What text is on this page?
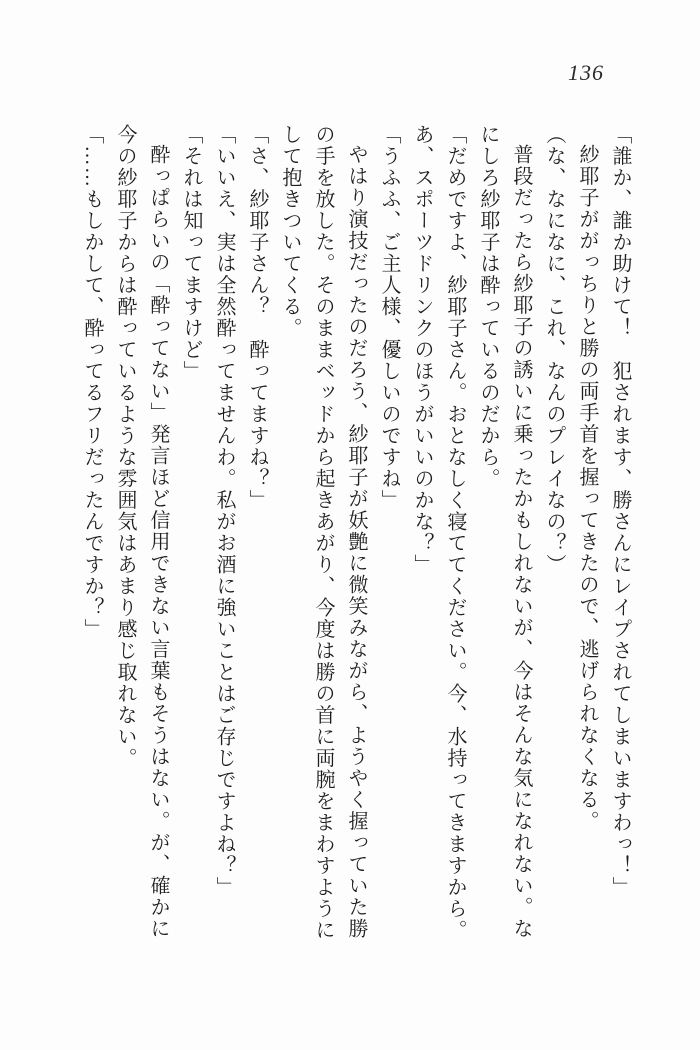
136

「誰か、誰か助けて！　犯されます、勝さんにレイプされてしまいますわっ！」

紗耶子ががっちりと勝の両手首を握ってきたので、逃げられなくなる。

（な、なになに、これ、なんのプレイなの？）

普段だったら紗耶子の誘いに乗ったかもしれないが、今はそんな気になれない。なにしろ紗耶子は酔っているのだから。

「だめですよ、紗耶子さん。おとなしく寝ててください。今、水持ってきますから。あ、スポーツドリンクのほうがいいのかな？」

「うふふ、ご主人様、優しいのですね」

やはり演技だったのだろう、紗耶子が妖艶に微笑みながら、ようやく握っていた勝の手を放した。そのままベッドから起きあがり、今度は勝の首に両腕をまわすようにして抱きついてくる。

「さ、紗耶子さん？　酔ってますね？」

「いいえ、実は全然酔ってませんわ。私がお酒に強いことはご存じですよね？」

「それは知ってますけど」

酔っぱらいの「酔ってない」発言ほど信用できない言葉もそうはない。が、確かに今の紗耶子からは酔っているような雰囲気はあまり感じ取れない。

「……もしかして、酔ってるフリだったんですか？」
